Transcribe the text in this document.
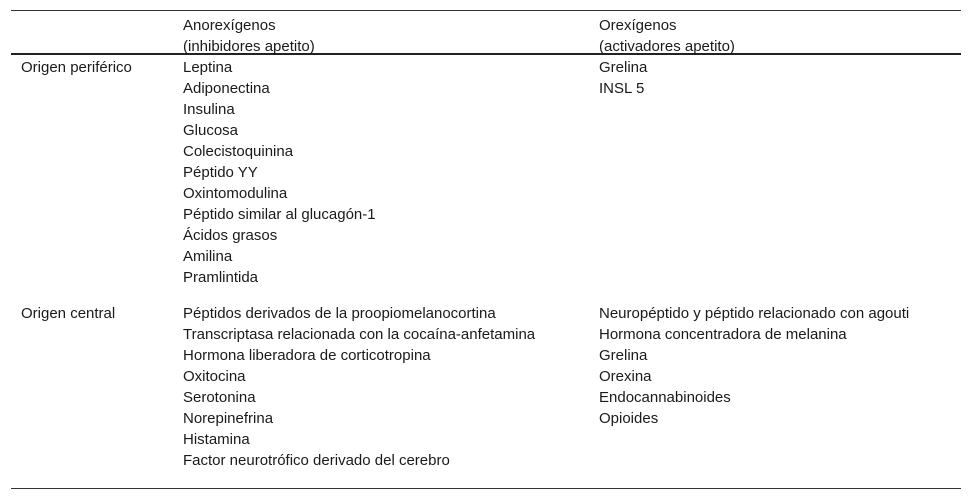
Anorexígenos
(inhibidores apetito)
Orexígenos
(activadores apetito)
Origen periférico	Leptina
Adiponectina
Insulina
Glucosa
Colecistoquinina
Péptido YY
Oxintomodulina
Péptido similar al glucagón-1
Ácidos grasos
Amilina
Pramlintida
Grelina
INSL 5
Origen central	Péptidos derivados de la proopiomelanocortina
Transcriptasa relacionada con la cocaína-anfetamina
Hormona liberadora de corticotropina
Oxitocina
Serotonina
Norepinefrina
Histamina
Factor neurotrófico derivado del cerebro
Neuropéptido y péptido relacionado con agouti
Hormona concentradora de melanina
Grelina
Orexina
Endocannabinoides
Opioides
